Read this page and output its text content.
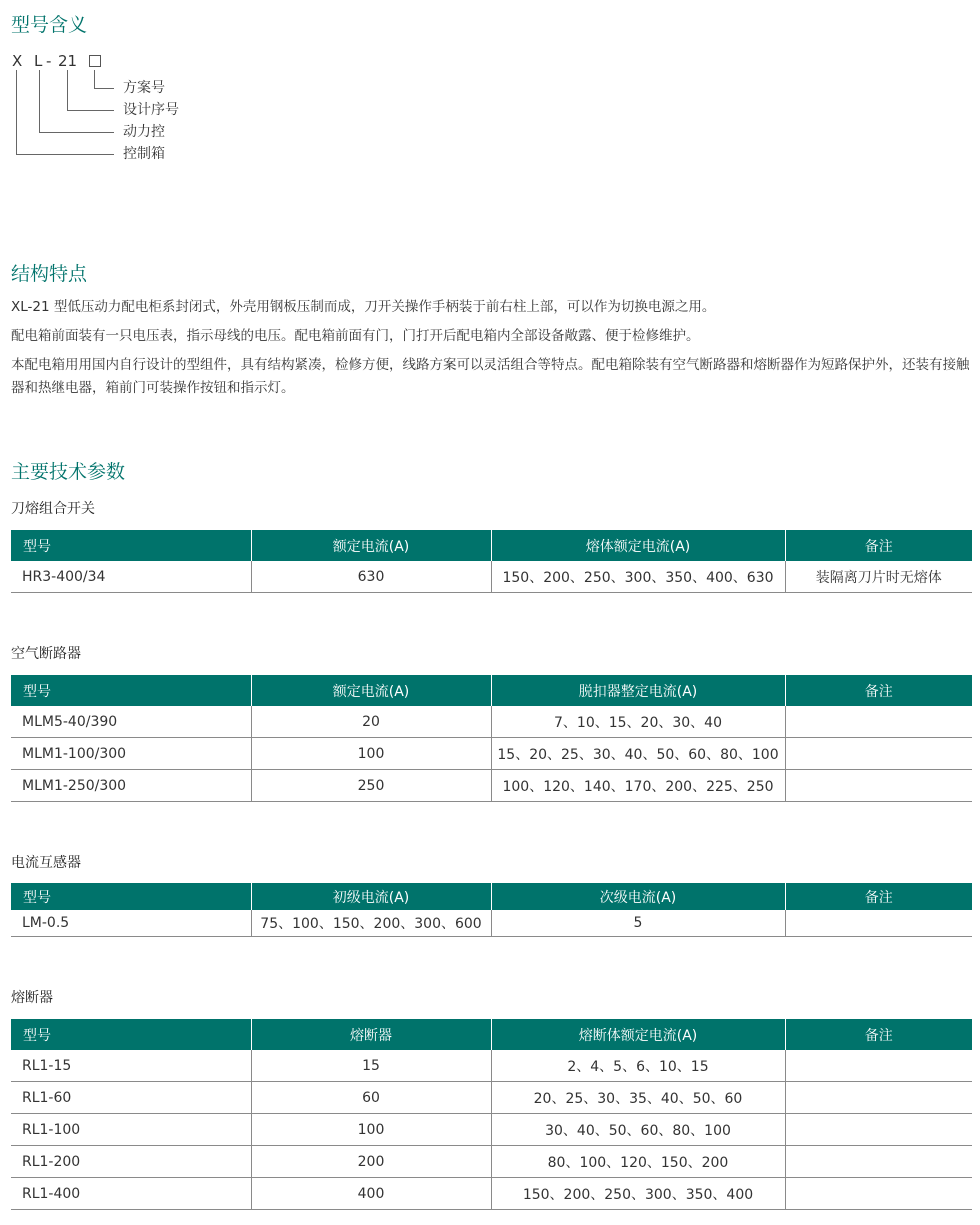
型号含义
X L - 21
方案号
设计序号
动力控
控制箱
结构特点

XL-21 型低压动力配电柜系封闭式，外壳用钢板压制而成，刀开关操作手柄装于前右柱上部，可以作为切换电源之用。

配电箱前面装有一只电压表，指示母线的电压。配电箱前面有门，门打开后配电箱内全部设备敞露、便于检修维护。

本配电箱用用国内自行设计的型组件，具有结构紧凑，检修方便，线路方案可以灵活组合等特点。配电箱除装有空气断路器和熔断器作为短路保护外，还装有接触器和热继电器，箱前门可装操作按钮和指示灯。

主要技术参数
刀熔组合开关
型号	额定电流(A)	熔体额定电流(A)	备注
HR3-400/34	630	150、200、250、300、350、400、630	装隔离刀片时无熔体
空气断路器
型号	额定电流(A)	脱扣器整定电流(A)	备注
MLM5-40/390	20	7、10、15、20、30、40	
MLM1-100/300	100	15、20、25、30、40、50、60、80、100	
MLM1-250/300	250	100、120、140、170、200、225、250	
电流互感器
型号	初级电流(A)	次级电流(A)	备注
LM-0.5	75、100、150、200、300、600	5	
熔断器
型号	熔断器	熔断体额定电流(A)	备注
RL1-15	15	2、4、5、6、10、15	
RL1-60	60	20、25、30、35、40、50、60	
RL1-100	100	30、40、50、60、80、100	
RL1-200	200	80、100、120、150、200	
RL1-400	400	150、200、250、300、350、400	
